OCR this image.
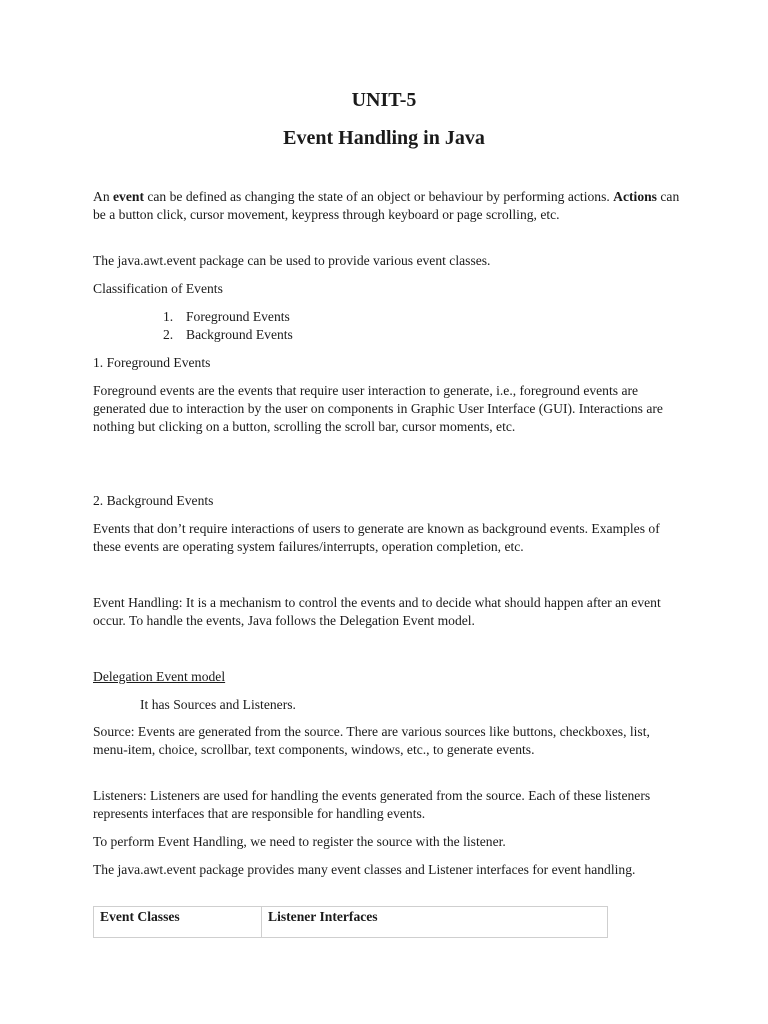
UNIT-5
Event Handling in Java
An event can be defined as changing the state of an object or behaviour by performing actions. Actions can be a button click, cursor movement, keypress through keyboard or page scrolling, etc.
The java.awt.event package can be used to provide various event classes.
Classification of Events
1. Foreground Events
2. Background Events
1. Foreground Events
Foreground events are the events that require user interaction to generate, i.e., foreground events are generated due to interaction by the user on components in Graphic User Interface (GUI). Interactions are nothing but clicking on a button, scrolling the scroll bar, cursor moments, etc.
2. Background Events
Events that don’t require interactions of users to generate are known as background events. Examples of these events are operating system failures/interrupts, operation completion, etc.
Event Handling: It is a mechanism to control the events and to decide what should happen after an event occur. To handle the events, Java follows the Delegation Event model.
Delegation Event model
It has Sources and Listeners.
Source: Events are generated from the source. There are various sources like buttons, checkboxes, list, menu-item, choice, scrollbar, text components, windows, etc., to generate events.
Listeners: Listeners are used for handling the events generated from the source. Each of these listeners represents interfaces that are responsible for handling events.
To perform Event Handling, we need to register the source with the listener.
The java.awt.event package provides many event classes and Listener interfaces for event handling.
Event Classes	Listener Interfaces
